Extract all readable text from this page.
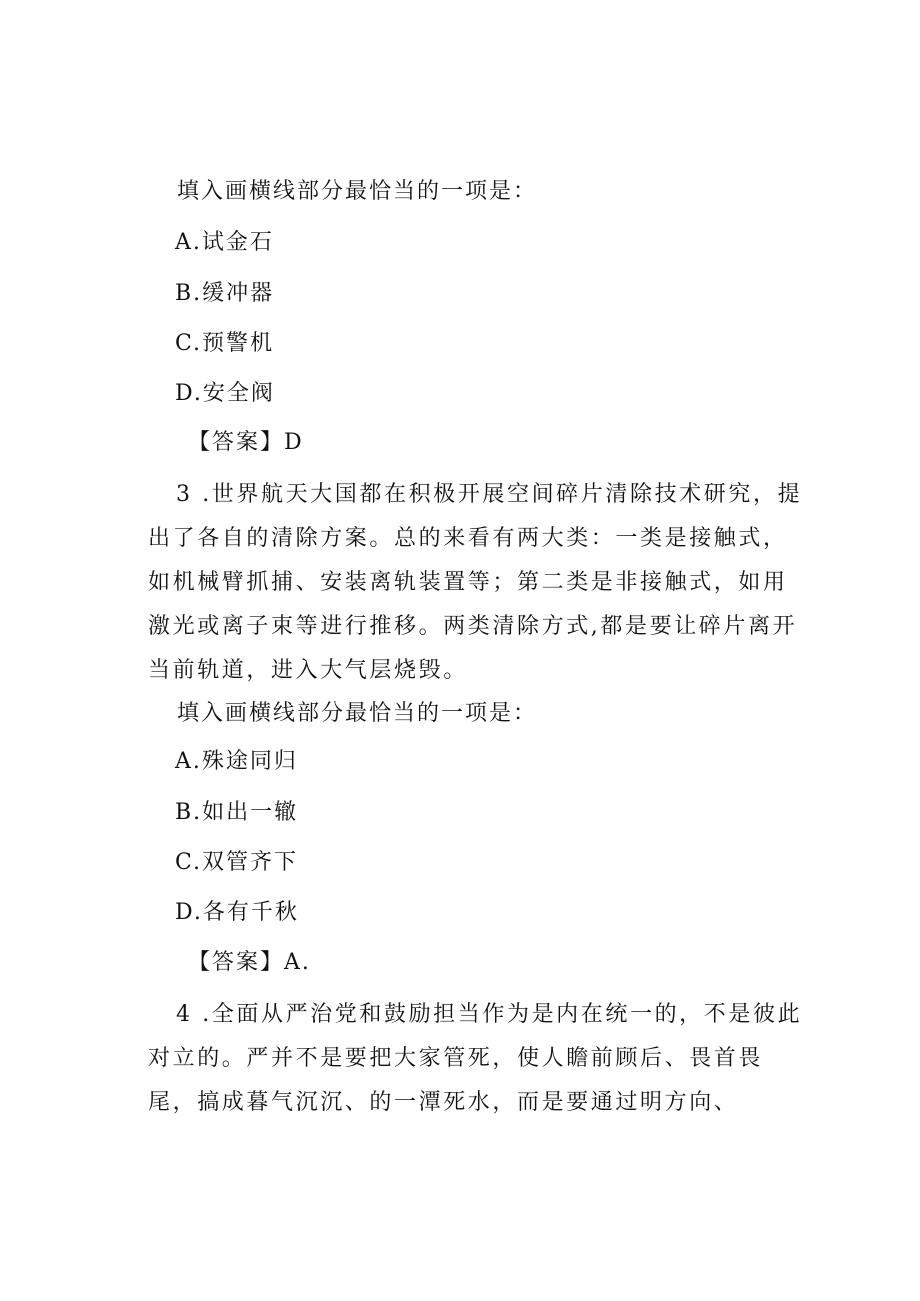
填入画横线部分最恰当的一项是：
A.试金石
B.缓冲器
C.预警机
D.安全阀
【答案】D
3 .世界航天大国都在积极开展空间碎片清除技术研究，提出了各自的清除方案。总的来看有两大类：一类是接触式，如机械臂抓捕、安装离轨装置等；第二类是非接触式，如用激光或离子束等进行推移。两类清除方式,都是要让碎片离开当前轨道，进入大气层烧毁。
填入画横线部分最恰当的一项是：
A.殊途同归
B.如出一辙
C.双管齐下
D.各有千秋
【答案】A.
4 .全面从严治党和鼓励担当作为是内在统一的，不是彼此对立的。严并不是要把大家管死，使人瞻前顾后、畏首畏尾，搞成暮气沉沉、的一潭死水，而是要通过明方向、
